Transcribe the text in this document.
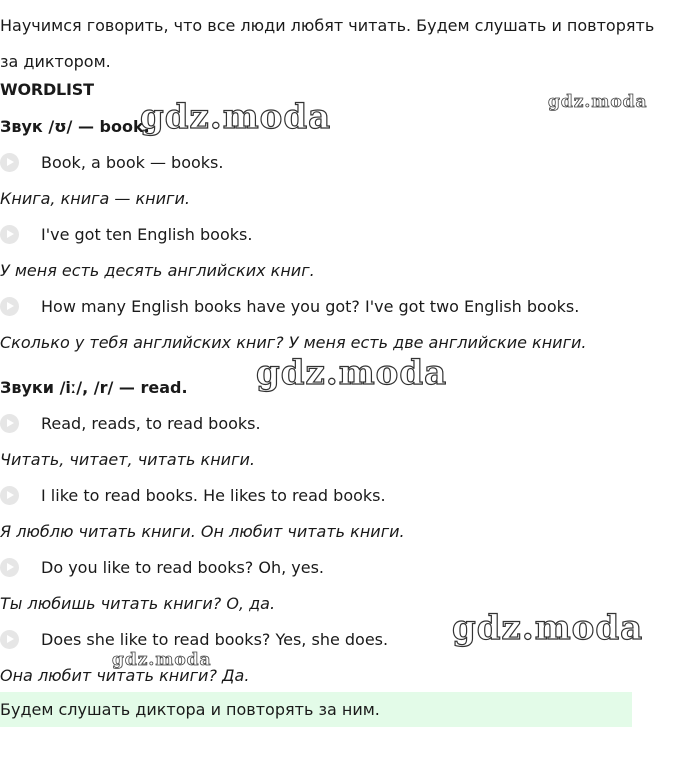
Научимся говорить, что все люди любят читать. Будем слушать и повторять за диктором.
WORDLIST
Звук /ʊ/ — book.
Book, a book — books.
Книга, книга — книги.
I've got ten English books.
У меня есть десять английских книг.
How many English books have you got? I've got two English books.
Сколько у тебя английских книг? У меня есть две английские книги.
Звуки /iː/, /r/ — read.
Read, reads, to read books.
Читать, читает, читать книги.
I like to read books. He likes to read books.
Я люблю читать книги. Он любит читать книги.
Do you like to read books? Oh, yes.
Ты любишь читать книги? О, да.
Does she like to read books? Yes, she does.
Она любит читать книги? Да.
Будем слушать диктора и повторять за ним.
gdz.moda	gdz.moda
gdz.moda
gdz.moda
gdz.moda
